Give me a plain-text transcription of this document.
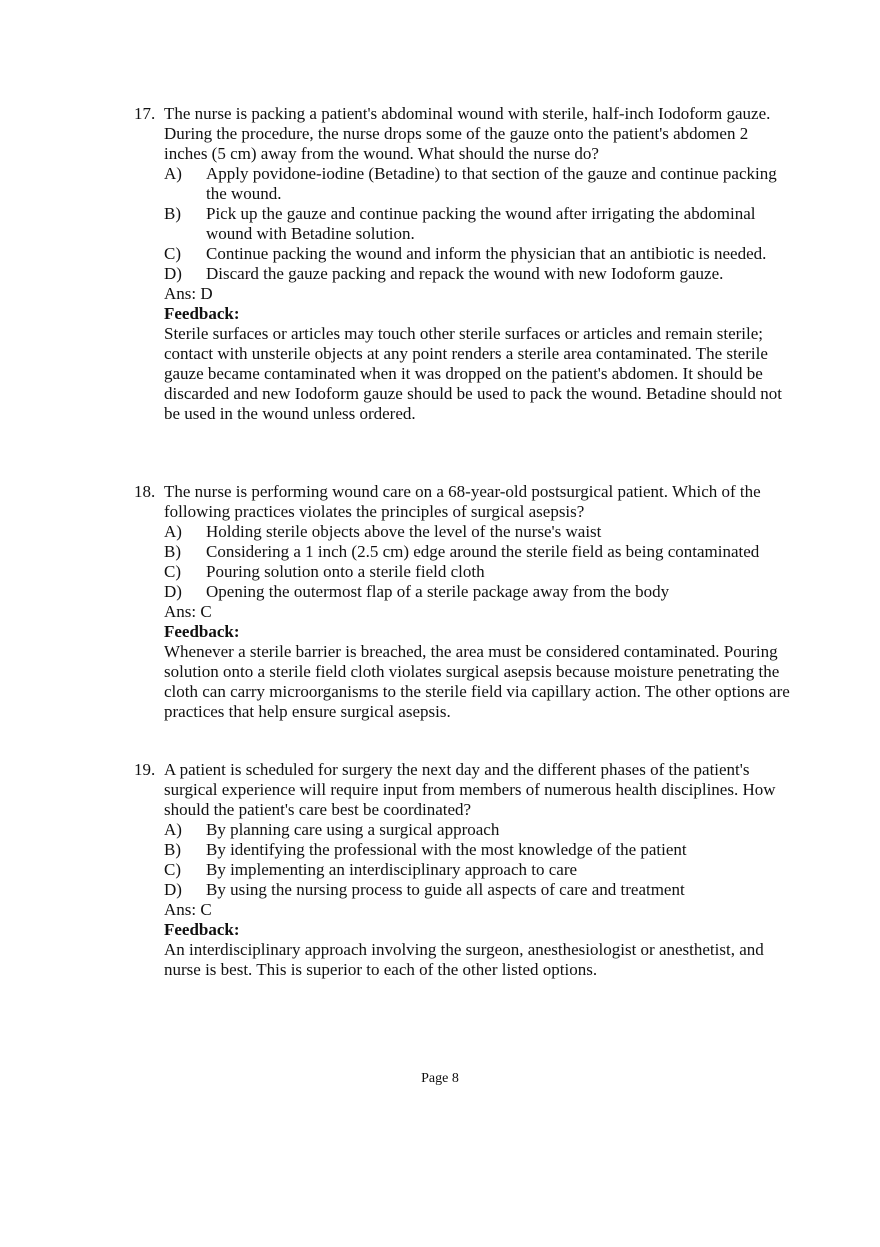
17. The nurse is packing a patient's abdominal wound with sterile, half-inch Iodoform gauze. During the procedure, the nurse drops some of the gauze onto the patient's abdomen 2 inches (5 cm) away from the wound. What should the nurse do?
A)	Apply povidone-iodine (Betadine) to that section of the gauze and continue packing the wound.
B)	Pick up the gauze and continue packing the wound after irrigating the abdominal wound with Betadine solution.
C)	Continue packing the wound and inform the physician that an antibiotic is needed.
D)	Discard the gauze packing and repack the wound with new Iodoform gauze.
Ans: D
Feedback:
Sterile surfaces or articles may touch other sterile surfaces or articles and remain sterile; contact with unsterile objects at any point renders a sterile area contaminated. The sterile gauze became contaminated when it was dropped on the patient's abdomen. It should be discarded and new Iodoform gauze should be used to pack the wound. Betadine should not be used in the wound unless ordered.
18. The nurse is performing wound care on a 68-year-old postsurgical patient. Which of the following practices violates the principles of surgical asepsis?
A)	Holding sterile objects above the level of the nurse's waist
B)	Considering a 1 inch (2.5 cm) edge around the sterile field as being contaminated
C)	Pouring solution onto a sterile field cloth
D)	Opening the outermost flap of a sterile package away from the body
Ans: C
Feedback:
Whenever a sterile barrier is breached, the area must be considered contaminated. Pouring solution onto a sterile field cloth violates surgical asepsis because moisture penetrating the cloth can carry microorganisms to the sterile field via capillary action. The other options are practices that help ensure surgical asepsis.
19. A patient is scheduled for surgery the next day and the different phases of the patient's surgical experience will require input from members of numerous health disciplines. How should the patient's care best be coordinated?
A)	By planning care using a surgical approach
B)	By identifying the professional with the most knowledge of the patient
C)	By implementing an interdisciplinary approach to care
D)	By using the nursing process to guide all aspects of care and treatment
Ans: C
Feedback:
An interdisciplinary approach involving the surgeon, anesthesiologist or anesthetist, and nurse is best. This is superior to each of the other listed options.
Page 8
